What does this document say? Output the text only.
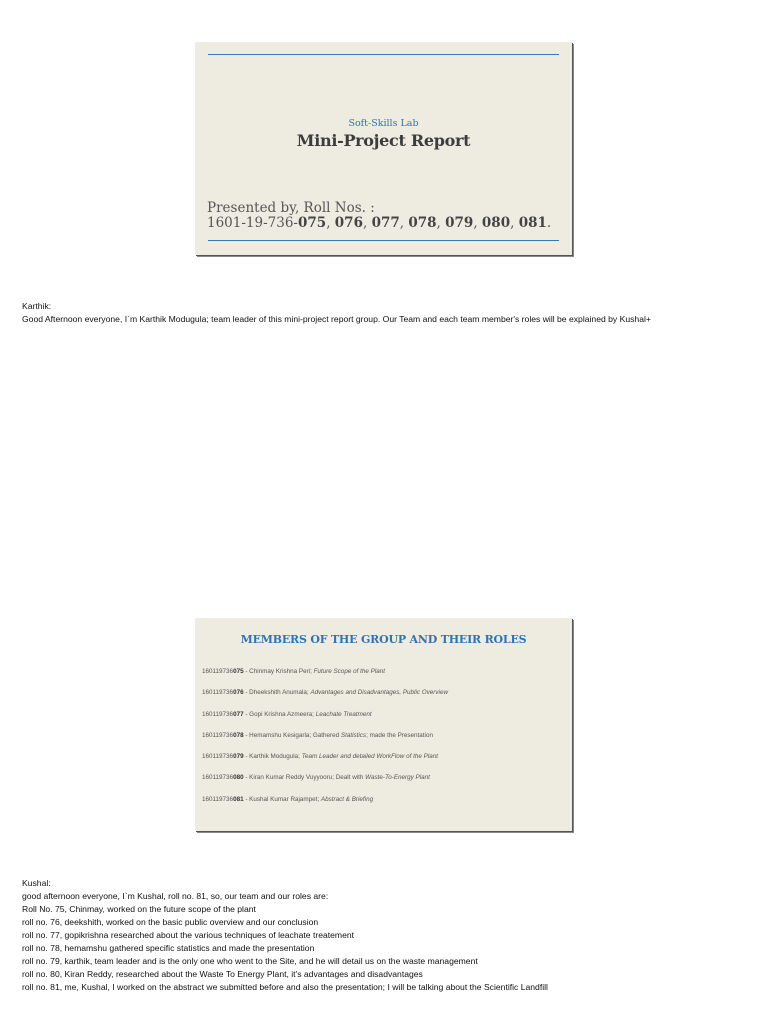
Soft-Skills Lab
Mini-Project Report
Presented by, Roll Nos. :
1601-19-736-075, 076, 077, 078, 079, 080, 081.
Karthik:
Good Afternoon everyone, I`m Karthik Modugula; team leader of this mini-project report group. Our Team and each team member's roles will be explained by Kushal+
MEMBERS OF THE GROUP AND THEIR ROLES
160119736075 - Chinmay Krishna Peri; Future Scope of the Plant
160119736076 - Dheekshith Anumala; Advantages and Disadvantages, Public Overview
160119736077 - Gopi Krishna Azmeera; Leachate Treatment
160119736078 - Hemamshu Kesigarla; Gathered Statistics; made the Presentation
160119736079 - Karthik Modugula; Team Leader and detailed WorkFlow of the Plant
160119736080 - Kiran Kumar Reddy Vuyyooru; Dealt with Waste-To-Energy Plant
160119736081 - Kushal Kumar Rajampet; Abstract & Briefing
Kushal:
good afternoon everyone, I`m Kushal, roll no. 81, so, our team and our roles are:
Roll No. 75, Chinmay, worked on the future scope of the plant
roll no. 76, deekshith, worked on the basic public overview and our conclusion
roll no. 77, gopikrishna researched about the various techniques of leachate treatement
roll no. 78, hemamshu gathered specific statistics and made the presentation
roll no. 79, karthik, team leader and is the only one who went to the Site, and he will detail us on the waste management
roll no. 80, Kiran Reddy, researched about the Waste To Energy Plant, it's advantages and disadvantages
roll no. 81, me, Kushal, I worked on the abstract we submitted before and also the presentation; I will be talking about the Scientific Landfill
